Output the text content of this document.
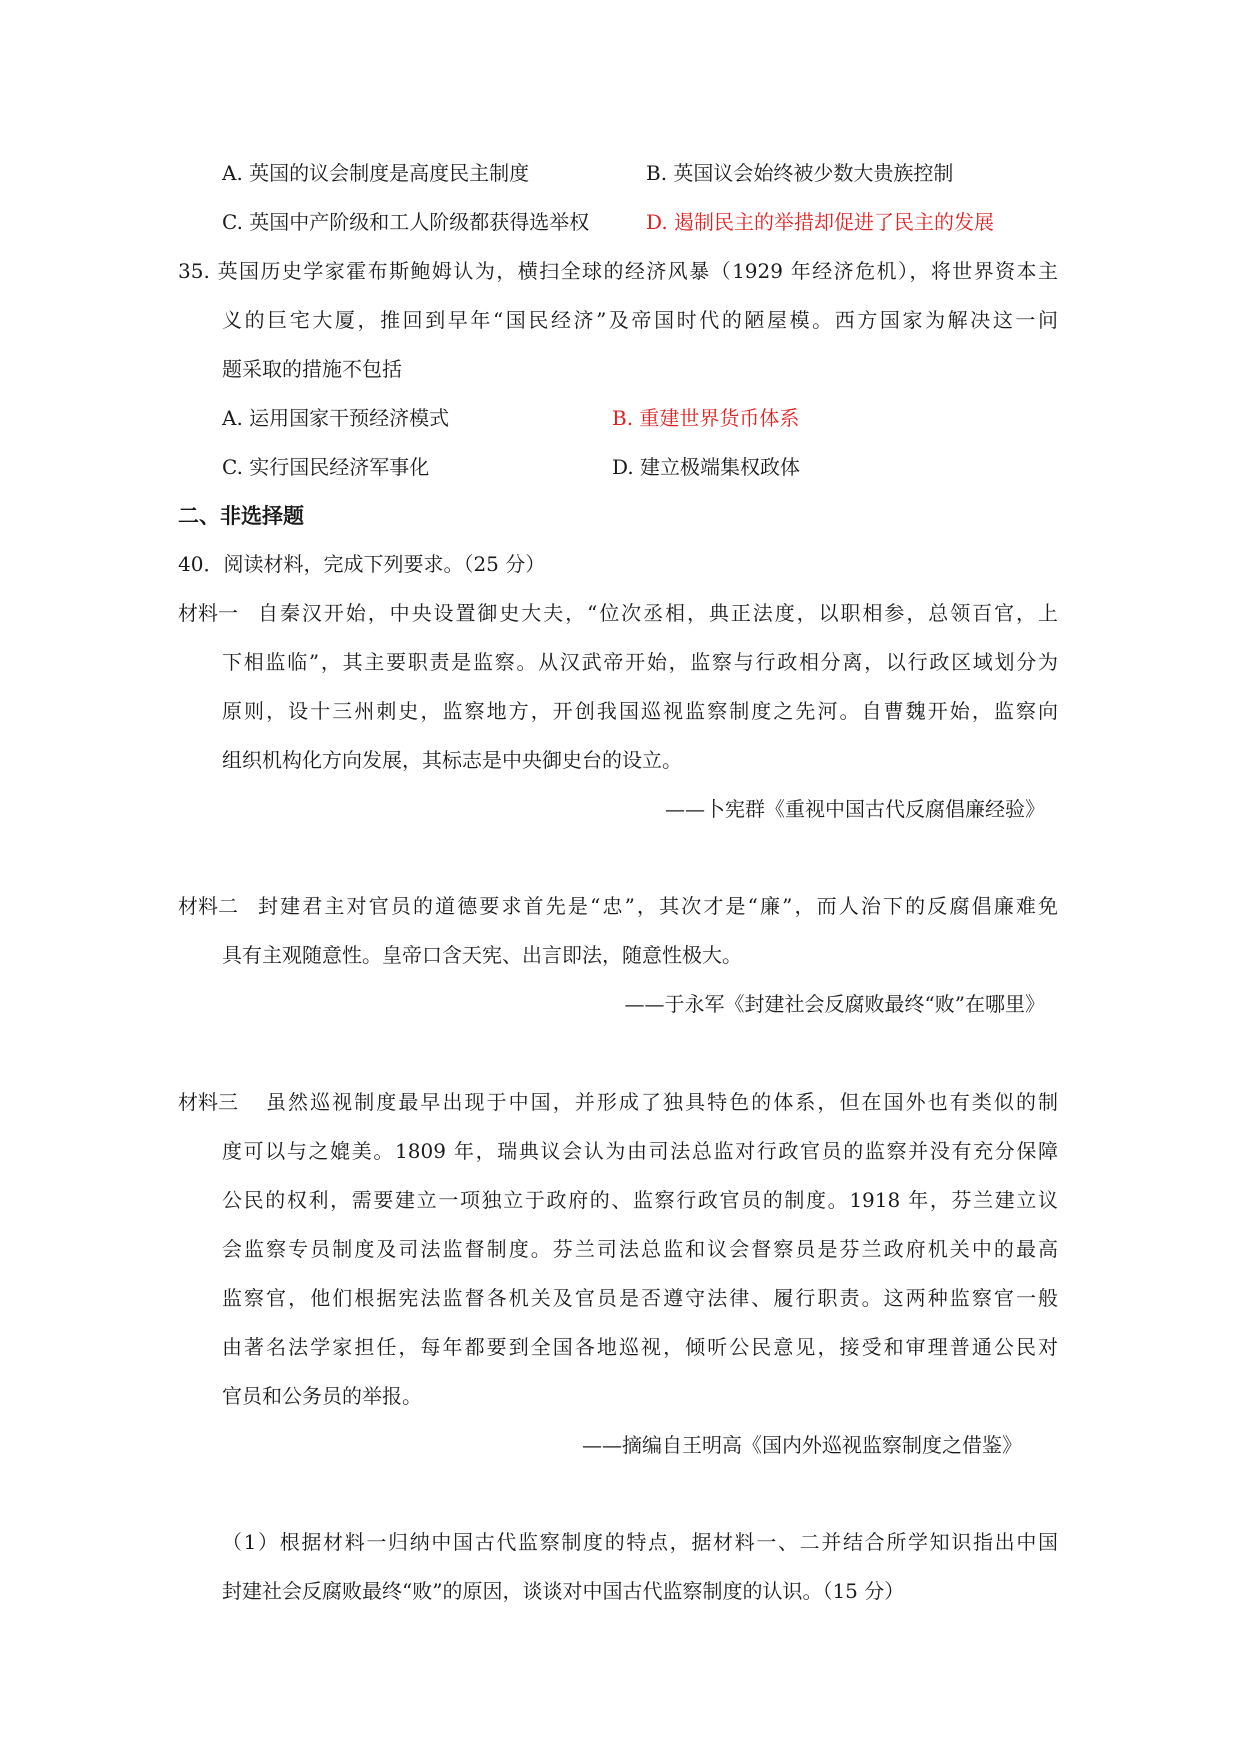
A. 英国的议会制度是高度民主制度	B. 英国议会始终被少数大贵族控制
C. 英国中产阶级和工人阶级都获得选举权	D. 遏制民主的举措却促进了民主的发展
35. 英国历史学家霍布斯鲍姆认为，横扫全球的经济风暴（1929 年经济危机），将世界资本主
义的巨宅大厦，推回到早年“国民经济”及帝国时代的陋屋模。西方国家为解决这一问
题采取的措施不包括
A. 运用国家干预经济模式	B. 重建世界货币体系
C. 实行国民经济军事化	D. 建立极端集权政体
二、非选择题
40．阅读材料，完成下列要求。（25 分）
材料一 自秦汉开始，中央设置御史大夫，“位次丞相，典正法度，以职相参，总领百官，上
下相监临”，其主要职责是监察。从汉武帝开始，监察与行政相分离，以行政区域划分为
原则，设十三州刺史，监察地方，开创我国巡视监察制度之先河。自曹魏开始，监察向
组织机构化方向发展，其标志是中央御史台的设立。
——卜宪群《重视中国古代反腐倡廉经验》
材料二 封建君主对官员的道德要求首先是“忠”，其次才是“廉”，而人治下的反腐倡廉难免
具有主观随意性。皇帝口含天宪、出言即法，随意性极大。
——于永军《封建社会反腐败最终“败”在哪里》
材料三 虽然巡视制度最早出现于中国，并形成了独具特色的体系，但在国外也有类似的制
度可以与之媲美。1809 年，瑞典议会认为由司法总监对行政官员的监察并没有充分保障
公民的权利，需要建立一项独立于政府的、监察行政官员的制度。1918 年，芬兰建立议
会监察专员制度及司法监督制度。芬兰司法总监和议会督察员是芬兰政府机关中的最高
监察官，他们根据宪法监督各机关及官员是否遵守法律、履行职责。这两种监察官一般
由著名法学家担任，每年都要到全国各地巡视，倾听公民意见，接受和审理普通公民对
官员和公务员的举报。
——摘编自王明高《国内外巡视监察制度之借鉴》
（1）根据材料一归纳中国古代监察制度的特点，据材料一、二并结合所学知识指出中国
封建社会反腐败最终“败”的原因，谈谈对中国古代监察制度的认识。（15 分）
